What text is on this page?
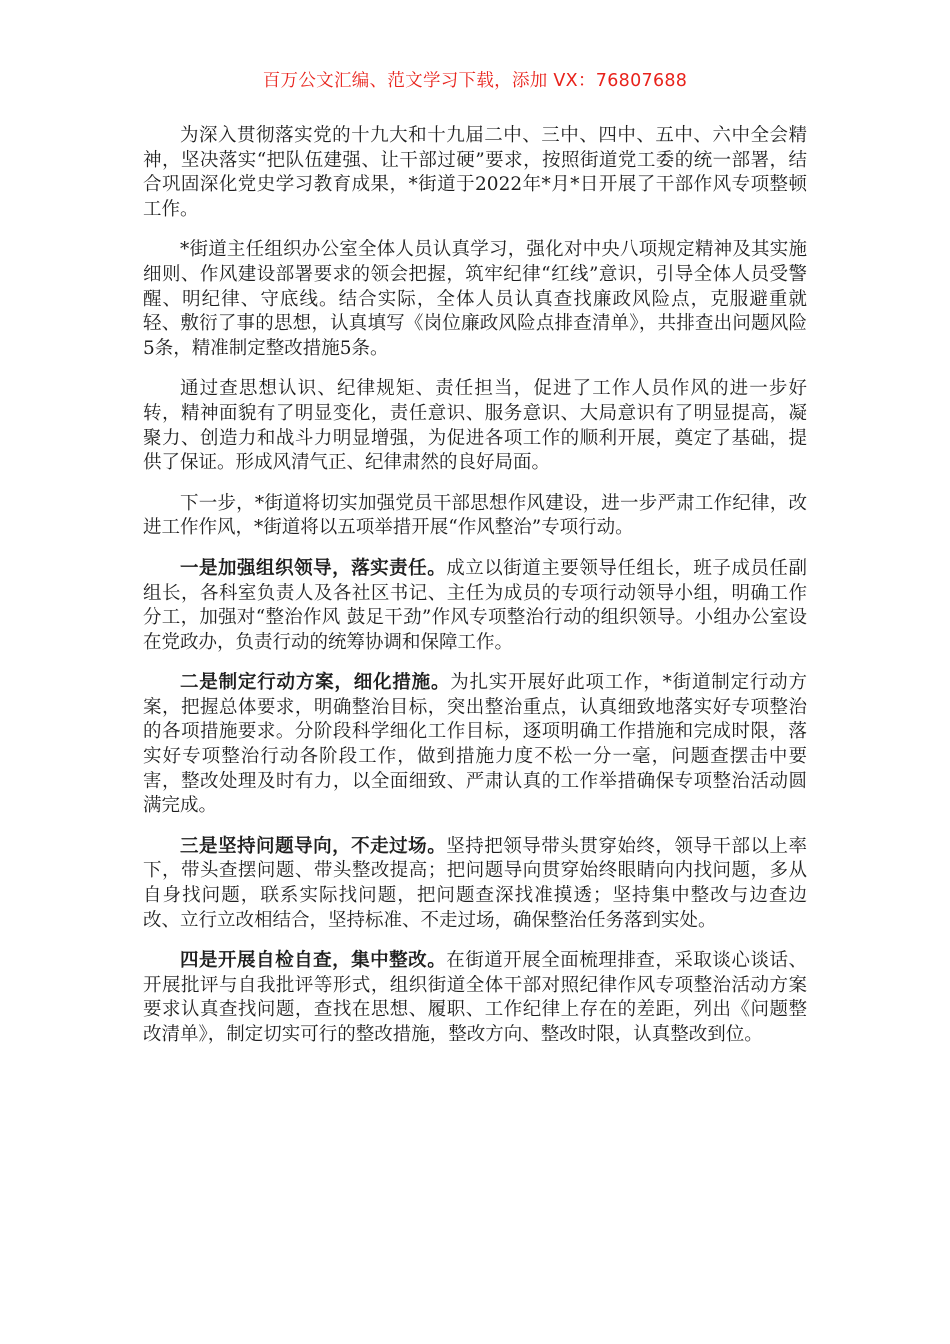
百万公文汇编、范文学习下载，添加 VX：76807688

为深入贯彻落实党的十九大和十九届二中、三中、四中、五中、六中全会精神，坚决落实“把队伍建强、让干部过硬”要求，按照街道党工委的统一部署，结合巩固深化党史学习教育成果，*街道于2022年*月*日开展了干部作风专项整顿工作。

*街道主任组织办公室全体人员认真学习，强化对中央八项规定精神及其实施细则、作风建设部署要求的领会把握，筑牢纪律“红线”意识，引导全体人员受警醒、明纪律、守底线。结合实际，全体人员认真查找廉政风险点，克服避重就轻、敷衍了事的思想，认真填写《岗位廉政风险点排查清单》，共排查出问题风险5条，精准制定整改措施5条。

通过查思想认识、纪律规矩、责任担当，促进了工作人员作风的进一步好转，精神面貌有了明显变化，责任意识、服务意识、大局意识有了明显提高，凝聚力、创造力和战斗力明显增强，为促进各项工作的顺利开展，奠定了基础，提供了保证。形成风清气正、纪律肃然的良好局面。

下一步，*街道将切实加强党员干部思想作风建设，进一步严肃工作纪律，改进工作作风，*街道将以五项举措开展“作风整治”专项行动。

一是加强组织领导，落实责任。成立以街道主要领导任组长，班子成员任副组长，各科室负责人及各社区书记、主任为成员的专项行动领导小组，明确工作分工，加强对“整治作风 鼓足干劲”作风专项整治行动的组织领导。小组办公室设在党政办，负责行动的统筹协调和保障工作。

二是制定行动方案，细化措施。为扎实开展好此项工作，*街道制定行动方案，把握总体要求，明确整治目标，突出整治重点，认真细致地落实好专项整治的各项措施要求。分阶段科学细化工作目标，逐项明确工作措施和完成时限，落实好专项整治行动各阶段工作，做到措施力度不松一分一毫，问题查摆击中要害，整改处理及时有力，以全面细致、严肃认真的工作举措确保专项整治活动圆满完成。

三是坚持问题导向，不走过场。坚持把领导带头贯穿始终，领导干部以上率下，带头查摆问题、带头整改提高；把问题导向贯穿始终眼睛向内找问题，多从自身找问题，联系实际找问题，把问题查深找准摸透；坚持集中整改与边查边改、立行立改相结合，坚持标准、不走过场，确保整治任务落到实处。

四是开展自检自查，集中整改。在街道开展全面梳理排查，采取谈心谈话、开展批评与自我批评等形式，组织街道全体干部对照纪律作风专项整治活动方案要求认真查找问题，查找在思想、履职、工作纪律上存在的差距，列出《问题整改清单》，制定切实可行的整改措施，整改方向、整改时限，认真整改到位。
